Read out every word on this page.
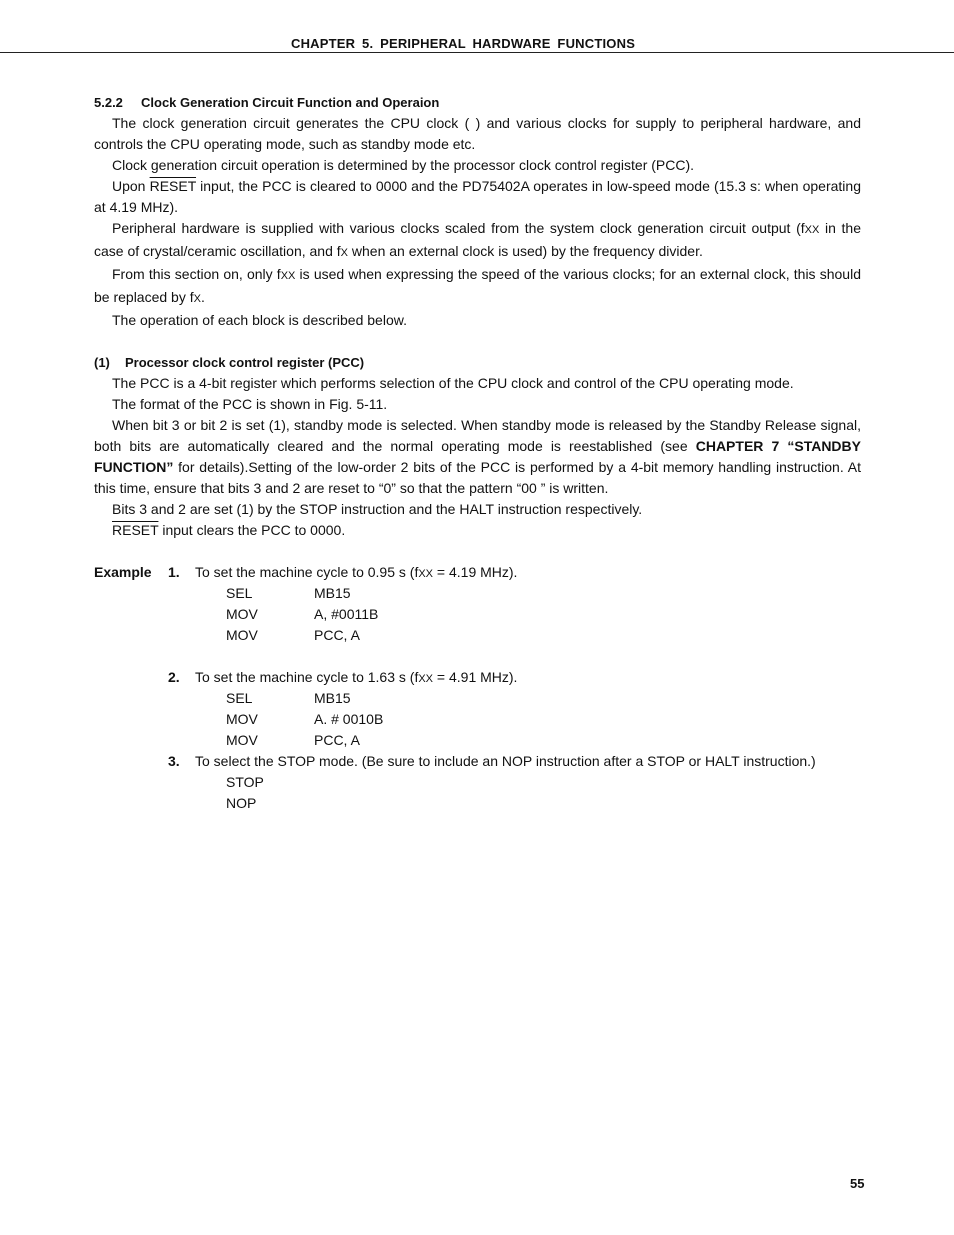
CHAPTER 5. PERIPHERAL HARDWARE FUNCTIONS
5.2.2 Clock Generation Circuit Function and Operaion

The clock generation circuit generates the CPU clock ( ) and various clocks for supply to peripheral hardware, and controls the CPU operating mode, such as standby mode etc.

Clock generation circuit operation is determined by the processor clock control register (PCC).

Upon RESET input, the PCC is cleared to 0000 and the PD75402A operates in low-speed mode (15.3 s: when operating at 4.19 MHz).

Peripheral hardware is supplied with various clocks scaled from the system clock generation circuit output (fXX in the case of crystal/ceramic oscillation, and fX when an external clock is used) by the frequency divider.

From this section on, only fXX is used when expressing the speed of the various clocks; for an external clock, this should be replaced by fX.

The operation of each block is described below.

(1) Processor clock control register (PCC)

The PCC is a 4-bit register which performs selection of the CPU clock and control of the CPU operating mode.

The format of the PCC is shown in Fig. 5-11.

When bit 3 or bit 2 is set (1), standby mode is selected. When standby mode is released by the Standby Release signal, both bits are automatically cleared and the normal operating mode is reestablished (see CHAPTER 7 “STANDBY FUNCTION” for details).Setting of the low-order 2 bits of the PCC is performed by a 4-bit memory handling instruction. At this time, ensure that bits 3 and 2 are reset to “0” so that the pattern “00 ” is written.

Bits 3 and 2 are set (1) by the STOP instruction and the HALT instruction respectively.

RESET input clears the PCC to 0000.

Example 1. To set the machine cycle to 0.95 s (fXX = 4.19 MHz).
SEL	MB15
MOV	A, #0011B
MOV	PCC, A
2. To set the machine cycle to 1.63 s (fXX = 4.91 MHz).
SEL	MB15
MOV	A. # 0010B
MOV	PCC, A
3. To select the STOP mode. (Be sure to include an NOP instruction after a STOP or HALT instruction.)
STOP
NOP
55
